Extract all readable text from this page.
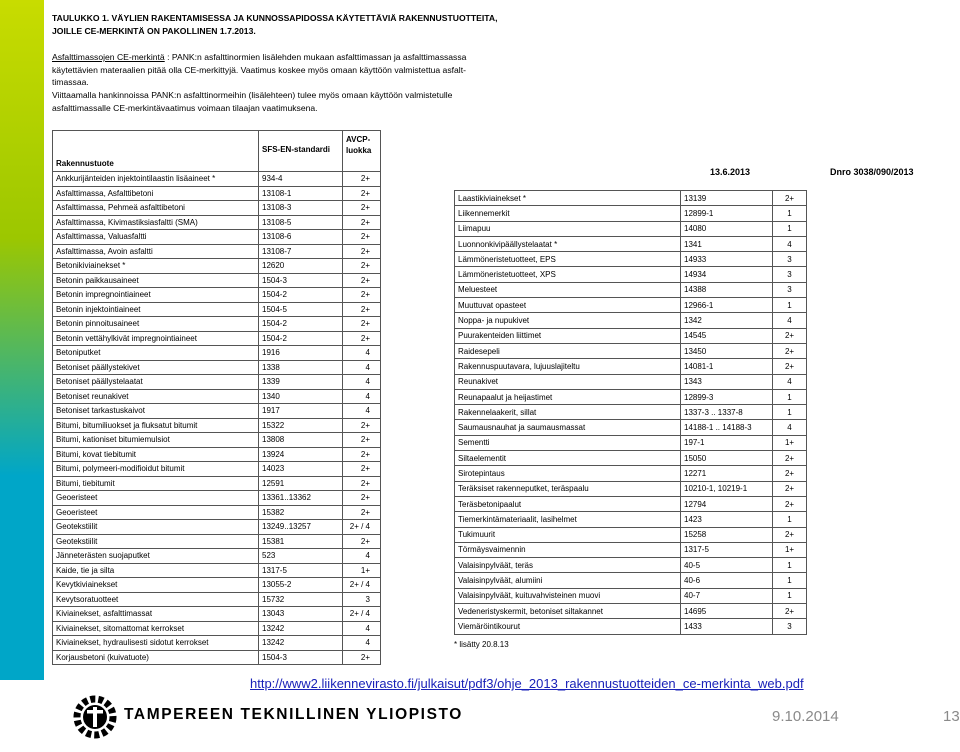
TAULUKKO 1. VÄYLIEN RAKENTAMISESSA JA KUNNOSSAPIDOSSA KÄYTETTÄVIÄ RAKENNUSTUOTTEITA,
JOILLE CE-MERKINTÄ ON PAKOLLINEN 1.7.2013.
Asfalttimassojen CE-merkintä : PANK:n asfalttinormien lisälehden mukaan asfalttimassan ja asfalttimassassa
käytettävien materaalien pitää olla CE-merkittyjä. Vaatimus koskee myös omaan käyttöön valmistettua asfalt-
timassaa.
Viittaamalla hankinnoissa PANK:n asfalttinormeihin (lisälehteen) tulee myös omaan käyttöön valmistetulle
asfalttimassalle CE-merkintävaatimus voimaan tilaajan vaatimuksena.
Rakennustuote	SFS-EN-standardi	AVCP-
luokka
Ankkurijänteiden injektointilaastin lisäaineet *	934-4	2+
Asfalttimassa, Asfalttibetoni	13108-1	2+
Asfalttimassa, Pehmeä asfalttibetoni	13108-3	2+
Asfalttimassa, Kivimastiksiasfaltti (SMA)	13108-5	2+
Asfalttimassa, Valuasfaltti	13108-6	2+
Asfalttimassa, Avoin asfaltti	13108-7	2+
Betonikiviainekset *	12620	2+
Betonin paikkausaineet	1504-3	2+
Betonin impregnointiaineet	1504-2	2+
Betonin injektointiaineet	1504-5	2+
Betonin pinnoitusaineet	1504-2	2+
Betonin vettähylkivät impregnointiaineet	1504-2	2+
Betoniputket	1916	4
Betoniset päällystekivet	1338	4
Betoniset päällystelaatat	1339	4
Betoniset reunakivet	1340	4
Betoniset tarkastuskaivot	1917	4
Bitumi, bitumiliuokset ja fluksatut bitumit	15322	2+
Bitumi, kationiset bitumiemulsiot	13808	2+
Bitumi, kovat tiebitumit	13924	2+
Bitumi, polymeeri-modifioidut bitumit	14023	2+
Bitumi, tiebitumit	12591	2+
Geoeristeet	13361..13362	2+
Geoeristeet	15382	2+
Geotekstiilit	13249..13257	2+ / 4
Geotekstiilit	15381	2+
Jänneterästen suojaputket	523	4
Kaide, tie ja silta	1317-5	1+
Kevytkiviainekset	13055-2	2+ / 4
Kevytsoratuotteet	15732	3
Kiviainekset, asfalttimassat	13043	2+ / 4
Kiviainekset, sitomattomat kerrokset	13242	4
Kiviainekset, hydraulisesti sidotut kerrokset	13242	4
Korjausbetoni (kuivatuote)	1504-3	2+
13.6.2013	Dnro 3038/090/2013
Laastikiviainekset *	13139	2+
Liikennemerkit	12899-1	1
Liimapuu	14080	1
Luonnonkivipäällystelaatat *	1341	4
Lämmöneristetuotteet, EPS	14933	3
Lämmöneristetuotteet, XPS	14934	3
Meluesteet	14388	3
Muuttuvat opasteet	12966-1	1
Noppa- ja nupukivet	1342	4
Puurakenteiden liittimet	14545	2+
Raidesepeli	13450	2+
Rakennuspuutavara, lujuuslajiteltu	14081-1	2+
Reunakivet	1343	4
Reunapaalut ja heijastimet	12899-3	1
Rakennelaakerit, sillat	1337-3 .. 1337-8	1
Saumausnauhat ja saumausmassat	14188-1 .. 14188-3	4
Sementti	197-1	1+
Siltaelementit	15050	2+
Sirotepintaus	12271	2+
Teräksiset rakenneputket, teräspaalu	10210-1, 10219-1	2+
Teräsbetonipaalut	12794	2+
Tiemerkintämateriaalit, lasihelmet	1423	1
Tukimuurit	15258	2+
Törmäysvaimennin	1317-5	1+
Valaisinpylväät, teräs	40-5	1
Valaisinpylväät, alumiini	40-6	1
Valaisinpylväät, kuituvahvisteinen muovi	40-7	1
Vedeneristyskermit, betoniset siltakannet	14695	2+
Viemäröintikourut	1433	3
* lisätty 20.8.13
http://www2.liikennevirasto.fi/julkaisut/pdf3/ohje_2013_rakennustuotteiden_ce-merkinta_web.pdf
TAMPEREEN TEKNILLINEN YLIOPISTO	9.10.2014	13
